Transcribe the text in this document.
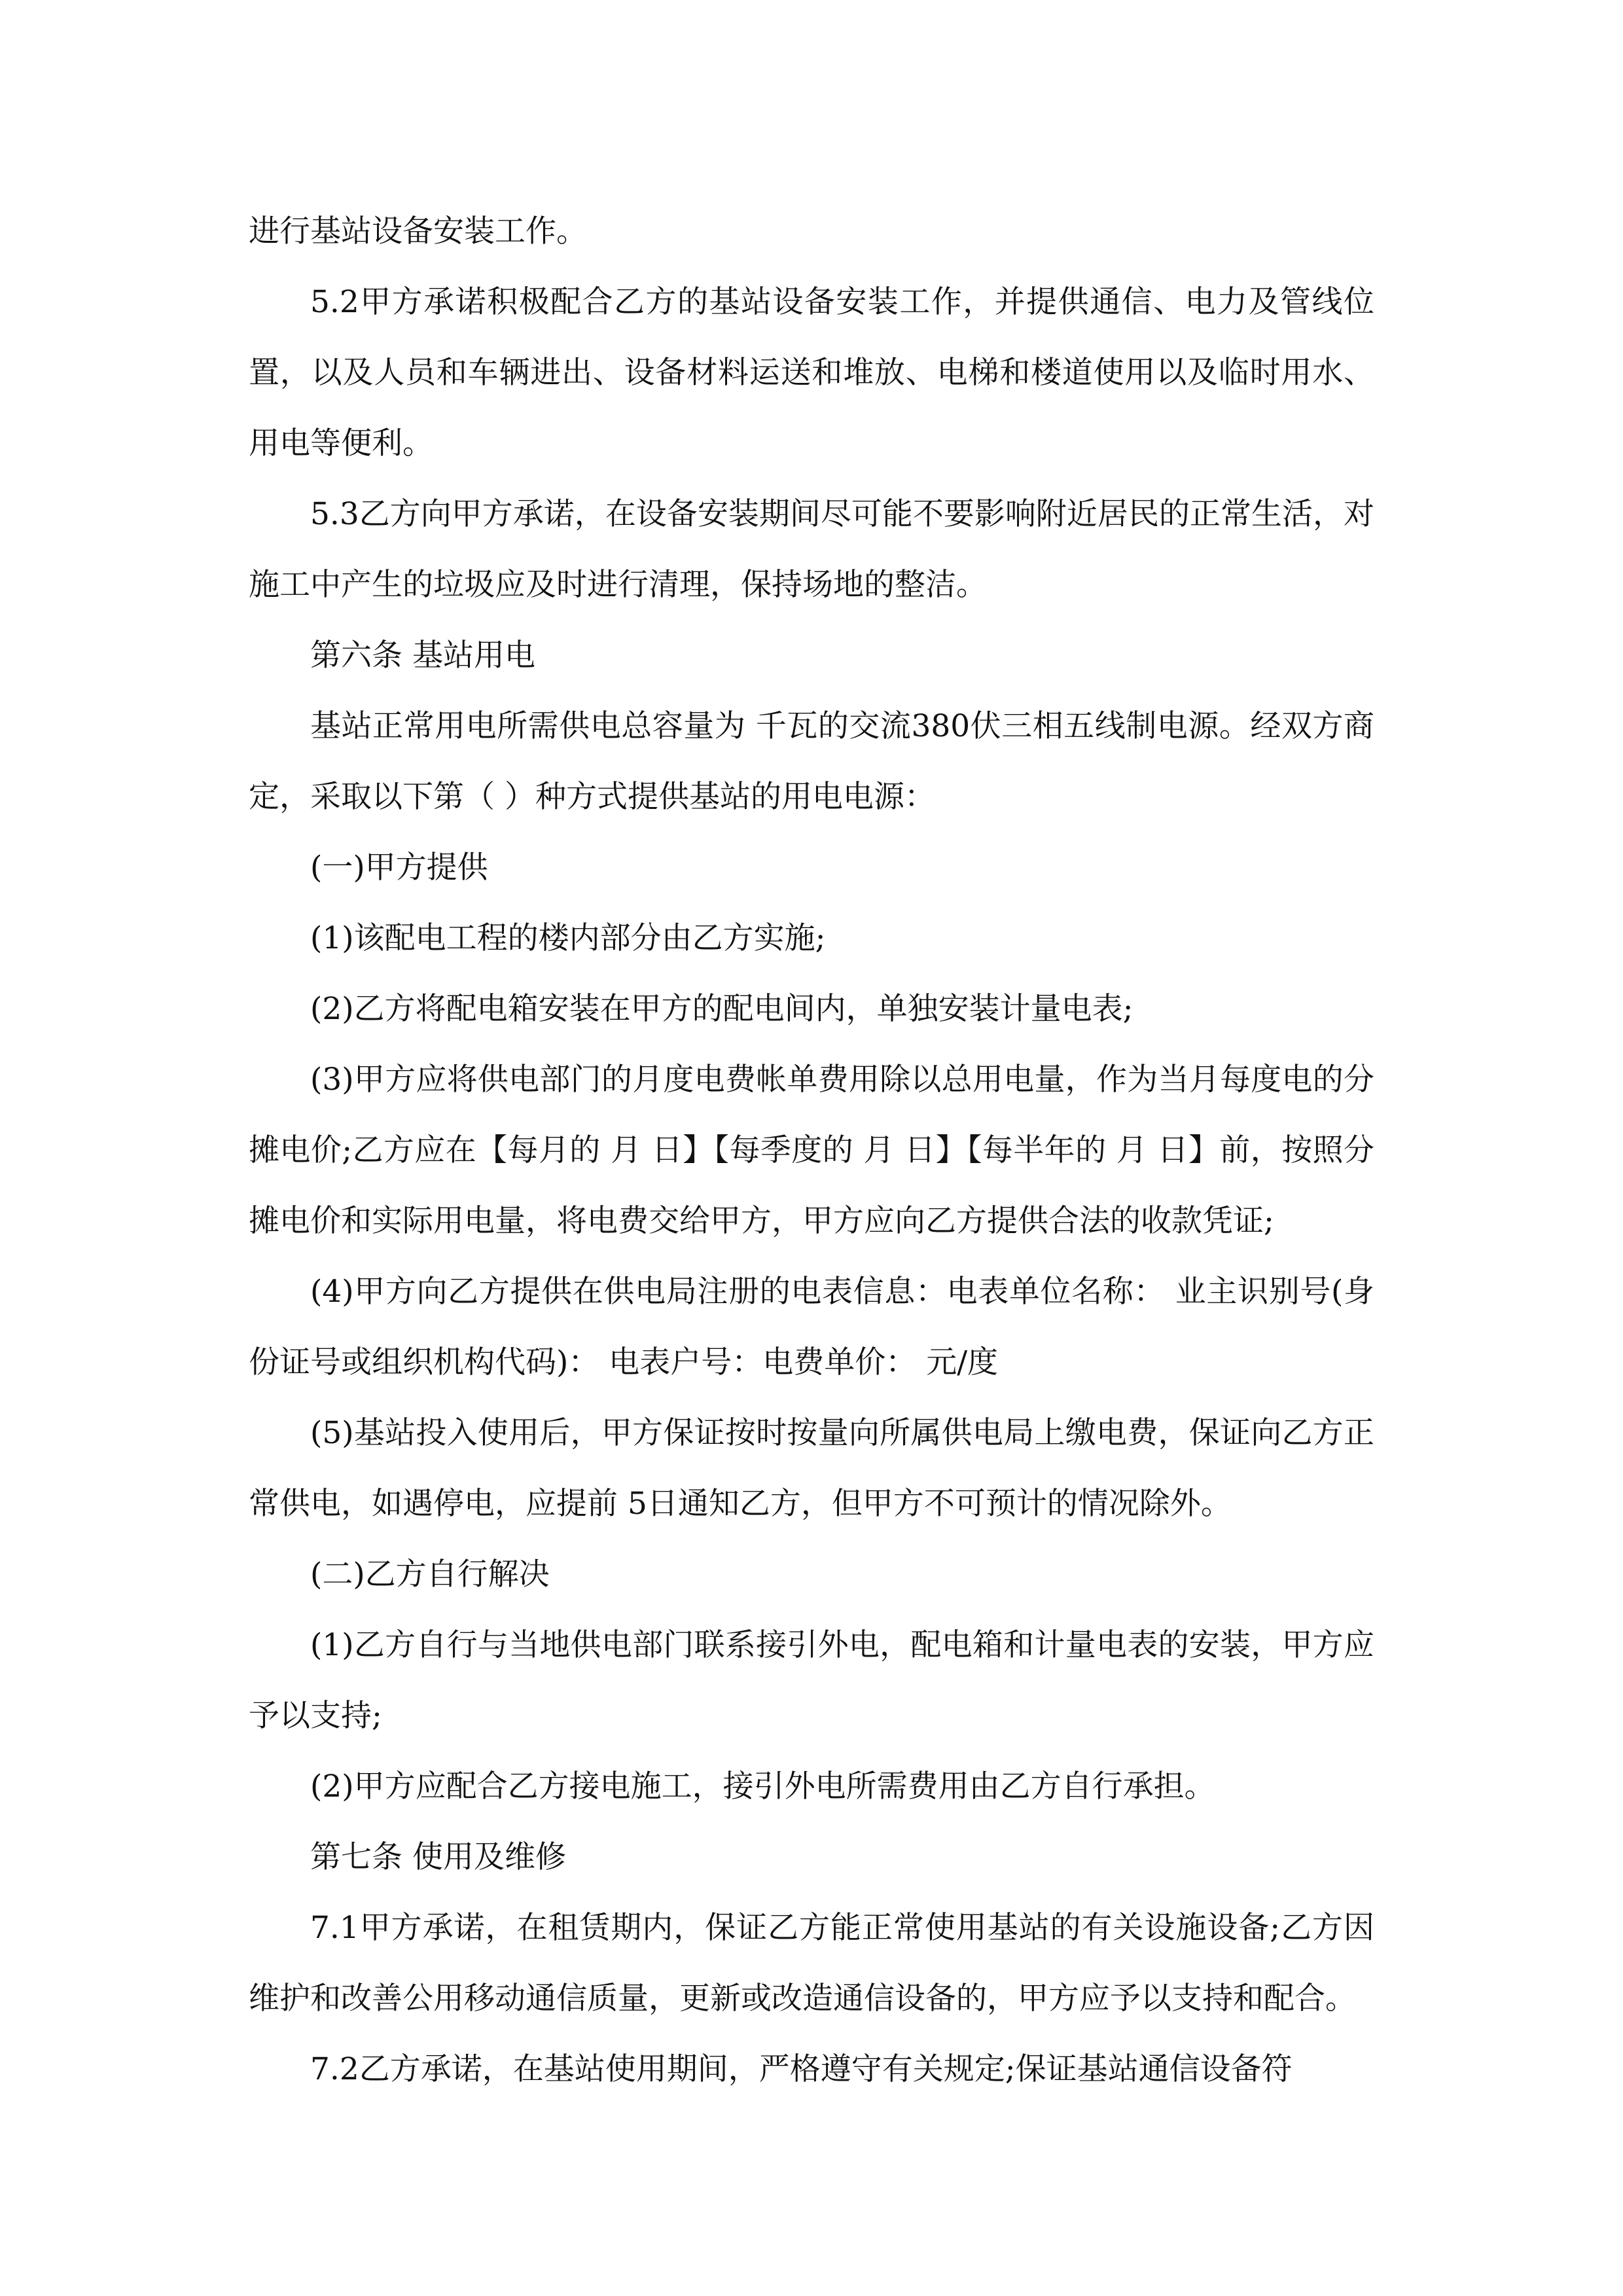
进行基站设备安装工作。

5.2甲方承诺积极配合乙方的基站设备安装工作，并提供通信、电力及管线位置，以及人员和车辆进出、设备材料运送和堆放、电梯和楼道使用以及临时用水、用电等便利。

5.3乙方向甲方承诺，在设备安装期间尽可能不要影响附近居民的正常生活，对施工中产生的垃圾应及时进行清理，保持场地的整洁。

第六条 基站用电

基站正常用电所需供电总容量为 千瓦的交流380伏三相五线制电源。经双方商定，采取以下第（ ）种方式提供基站的用电电源：

(一)甲方提供

(1)该配电工程的楼内部分由乙方实施;

(2)乙方将配电箱安装在甲方的配电间内，单独安装计量电表;

(3)甲方应将供电部门的月度电费帐单费用除以总用电量，作为当月每度电的分摊电价;乙方应在【每月的 月 日】【每季度的 月 日】【每半年的 月 日】前，按照分摊电价和实际用电量，将电费交给甲方，甲方应向乙方提供合法的收款凭证;

(4)甲方向乙方提供在供电局注册的电表信息：电表单位名称： 业主识别号(身份证号或组织机构代码)： 电表户号：电费单价： 元/度

(5)基站投入使用后，甲方保证按时按量向所属供电局上缴电费，保证向乙方正常供电，如遇停电，应提前 5日通知乙方，但甲方不可预计的情况除外。

(二)乙方自行解决

(1)乙方自行与当地供电部门联系接引外电，配电箱和计量电表的安装，甲方应予以支持;

(2)甲方应配合乙方接电施工，接引外电所需费用由乙方自行承担。

第七条 使用及维修

7.1甲方承诺，在租赁期内，保证乙方能正常使用基站的有关设施设备;乙方因维护和改善公用移动通信质量，更新或改造通信设备的，甲方应予以支持和配合。

7.2乙方承诺，在基站使用期间，严格遵守有关规定;保证基站通信设备符
